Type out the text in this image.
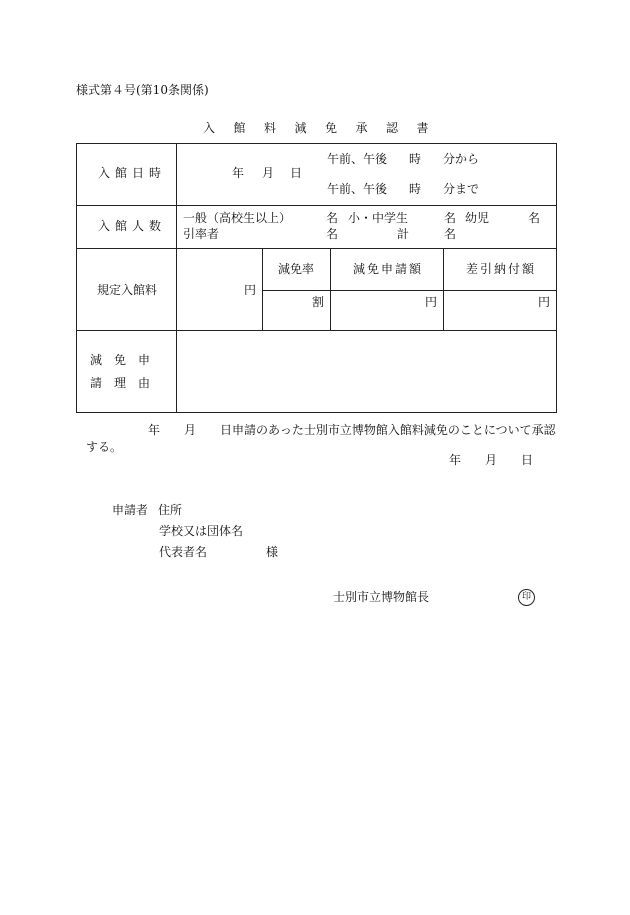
様式第４号(第10条関係)
入館料減免承認書
入館日時	年 月 日
午前、午後 時 分から
午前、午後 時 分まで
入館人数
一般（高校生以上）	名 小・中学生	名 幼児	名
引率者	名	計	名
規定入館料	円
減免率	減免申請額	差引納付額
割	円	円
減　免　申
請　理　由
年 月 日申請のあった士別市立博物館入館料減免のことについて承認する。
年 月 日
申請者 住所
学校又は団体名
代表者名	様
士別市立博物館長	印
